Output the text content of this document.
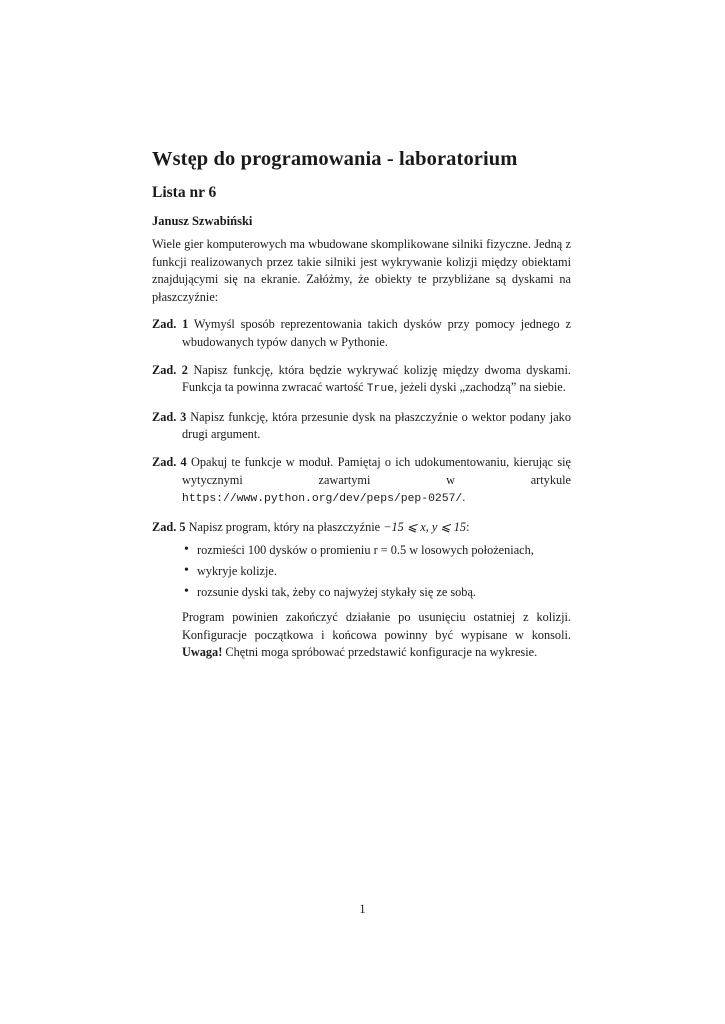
Wstęp do programowania - laboratorium
Lista nr 6
Janusz Szwabiński

Wiele gier komputerowych ma wbudowane skomplikowane silniki fizyczne. Jedną z funkcji realizowanych przez takie silniki jest wykrywanie kolizji między obiektami znajdującymi się na ekranie. Załóżmy, że obiekty te przybliżane są dyskami na płaszczyźnie:

Zad. 1 Wymyśl sposób reprezentowania takich dysków przy pomocy jednego z wbudowanych typów danych w Pythonie.
Zad. 2 Napisz funkcję, która będzie wykrywać kolizję między dwoma dyskami. Funkcja ta powinna zwracać wartość True, jeżeli dyski „zachodzą” na siebie.
Zad. 3 Napisz funkcję, która przesunie dysk na płaszczyźnie o wektor podany jako drugi argument.
Zad. 4 Opakuj te funkcje w moduł. Pamiętaj o ich udokumentowaniu, kierując się wytycznymi zawartymi w artykule https://www.python.org/dev/peps/pep-0257/.
Zad. 5 Napisz program, który na płaszczyźnie −15 ⩽ x, y ⩽ 15:
• rozmieści 100 dysków o promieniu r = 0.5 w losowych położeniach,
• wykryje kolizje.
• rozsunie dyski tak, żeby co najwyżej stykały się ze sobą.

Program powinien zakończyć działanie po usunięciu ostatniej z kolizji. Konfiguracje początkowa i końcowa powinny być wypisane w konsoli. Uwaga! Chętni moga spróbować przedstawić konfiguracje na wykresie.

1
